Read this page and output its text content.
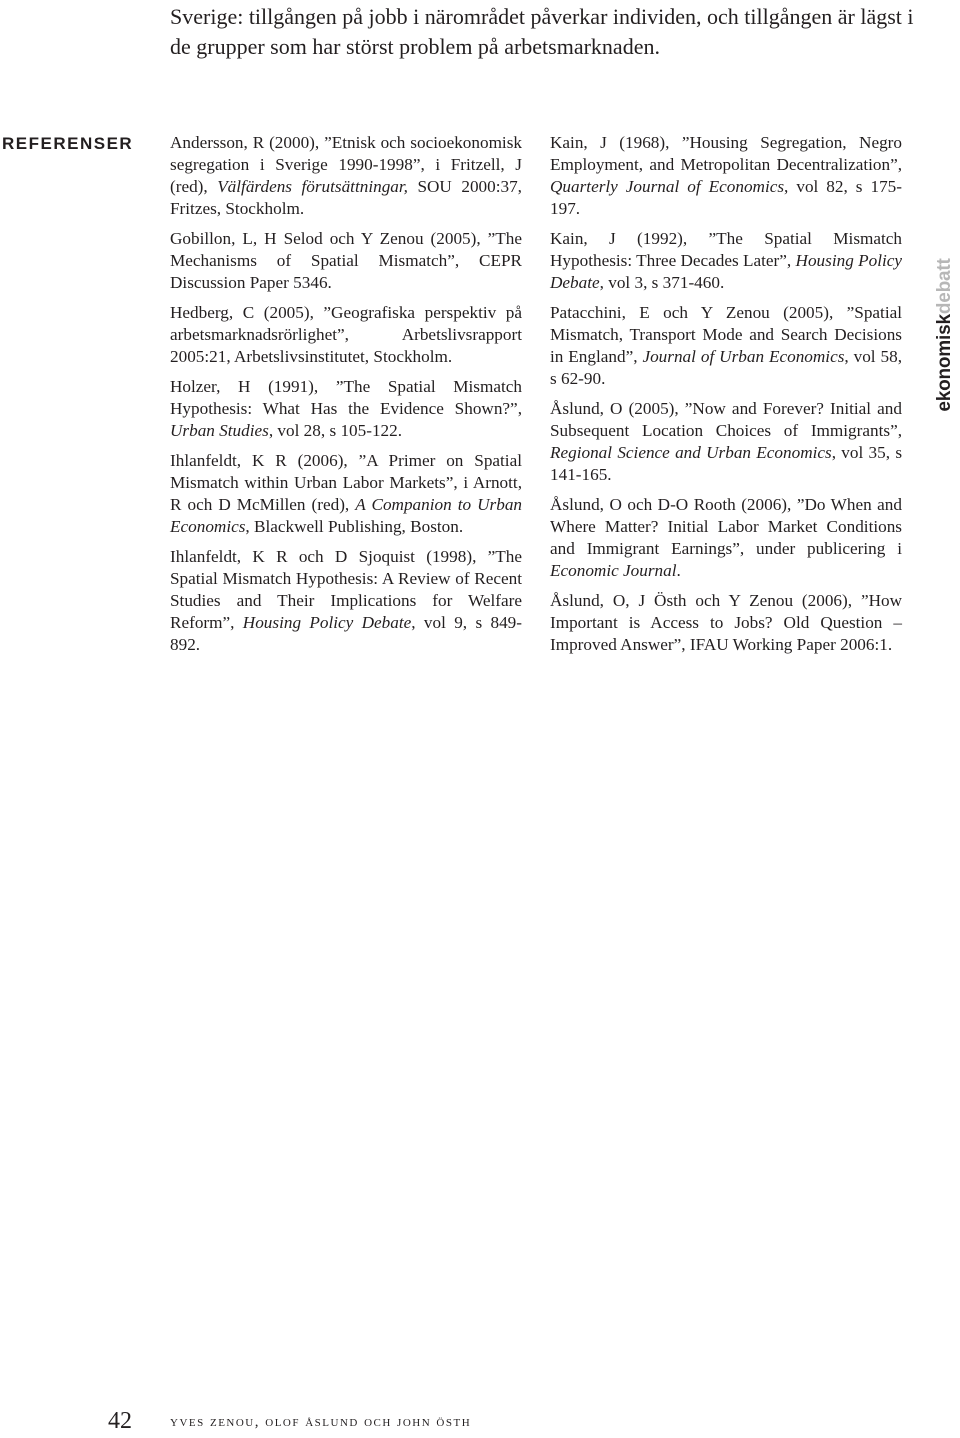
Sverige: tillgången på jobb i närområdet påverkar individen, och tillgången är lägst i de grupper som har störst problem på arbetsmarknaden.
REFERENSER Andersson, R (2000), ”Etnisk och socioekonomisk segregation i Sverige 1990-1998”, i Fritzell, J (red), Välfärdens förutsättningar, SOU 2000:37, Fritzes, Stockholm.

Gobillon, L, H Selod och Y Zenou (2005), ”The Mechanisms of Spatial Mismatch”, CEPR Discussion Paper 5346.

Hedberg, C (2005), ”Geografiska perspektiv på arbetsmarknadsrörlighet”, Arbetslivsrapport 2005:21, Arbetslivsinstitutet, Stockholm.

Holzer, H (1991), ”The Spatial Mismatch Hypothesis: What Has the Evidence Shown?”, Urban Studies, vol 28, s 105-122.

Ihlanfeldt, K R (2006), ”A Primer on Spatial Mismatch within Urban Labor Markets”, i Arnott, R och D McMillen (red), A Companion to Urban Economics, Blackwell Publishing, Boston.

Ihlanfeldt, K R och D Sjoquist (1998), ”The Spatial Mismatch Hypothesis: A Review of Recent Studies and Their Implications for Welfare Reform”, Housing Policy Debate, vol 9, s 849-892.

Kain, J (1968), ”Housing Segregation, Negro Employment, and Metropolitan Decentralization”, Quarterly Journal of Economics, vol 82, s 175-197.

Kain, J (1992), ”The Spatial Mismatch Hypothesis: Three Decades Later”, Housing Policy Debate, vol 3, s 371-460.

Patacchini, E och Y Zenou (2005), ”Spatial Mismatch, Transport Mode and Search Decisions in England”, Journal of Urban Economics, vol 58, s 62-90.

Åslund, O (2005), ”Now and Forever? Initial and Subsequent Location Choices of Immigrants”, Regional Science and Urban Economics, vol 35, s 141-165.

Åslund, O och D-O Rooth (2006), ”Do When and Where Matter? Initial Labor Market Conditions and Immigrant Earnings”, under publicering i Economic Journal.

Åslund, O, J Östh och Y Zenou (2006), ”How Important is Access to Jobs? Old Question – Improved Answer”, IFAU Working Paper 2006:1.

ekonomiskdebatt
42	yves zenou, olof åslund och john östh
